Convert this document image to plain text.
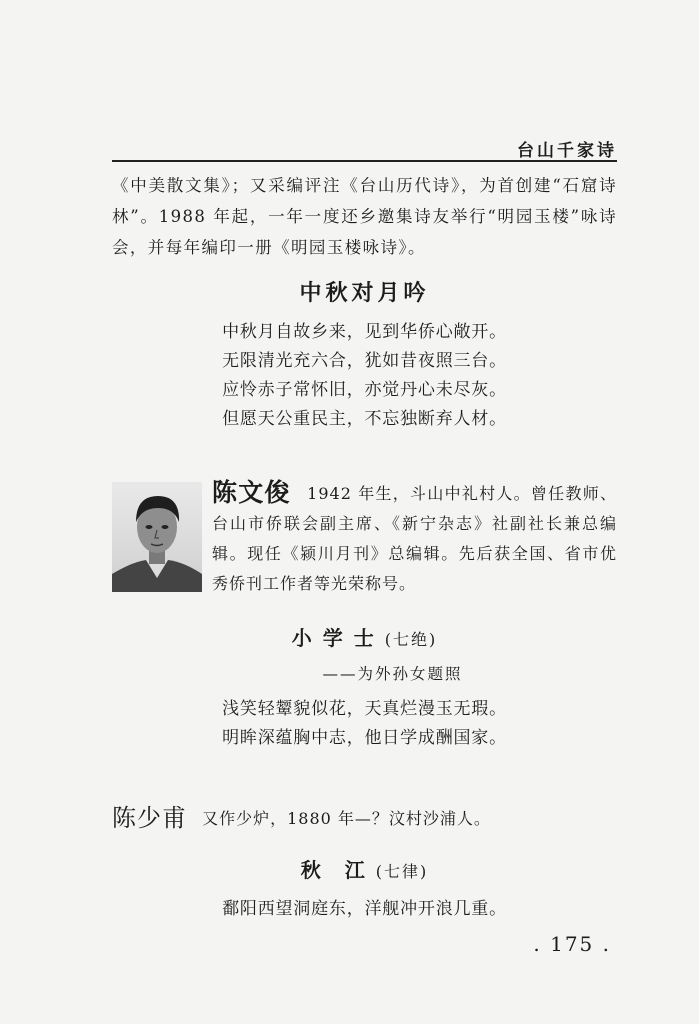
台山千家诗
《中美散文集》；又采编评注《台山历代诗》，为首创建“石窟诗林”。1988 年起，一年一度还乡邀集诗友举行“明园玉楼”咏诗会，并每年编印一册《明园玉楼咏诗》。
中秋对月吟
中秋月自故乡来，见到华侨心敞开。
无限清光充六合，犹如昔夜照三台。
应怜赤子常怀旧，亦觉丹心未尽灰。
但愿天公重民主，不忘独断弃人材。
陈文俊 1942 年生，斗山中礼村人。曾任教师、台山市侨联会副主席、《新宁杂志》社副社长兼总编辑。现任《颍川月刊》总编辑。先后获全国、省市优秀侨刊工作者等光荣称号。
小 学 士 (七绝)
——为外孙女题照
浅笑轻颦貌似花，天真烂漫玉无瑕。
明眸深蕴胸中志，他日学成酬国家。
陈少甫 又作少炉，1880 年—？汶村沙浦人。
秋　江 (七律)
鄱阳西望洞庭东，洋舰冲开浪几重。
. 175 .
